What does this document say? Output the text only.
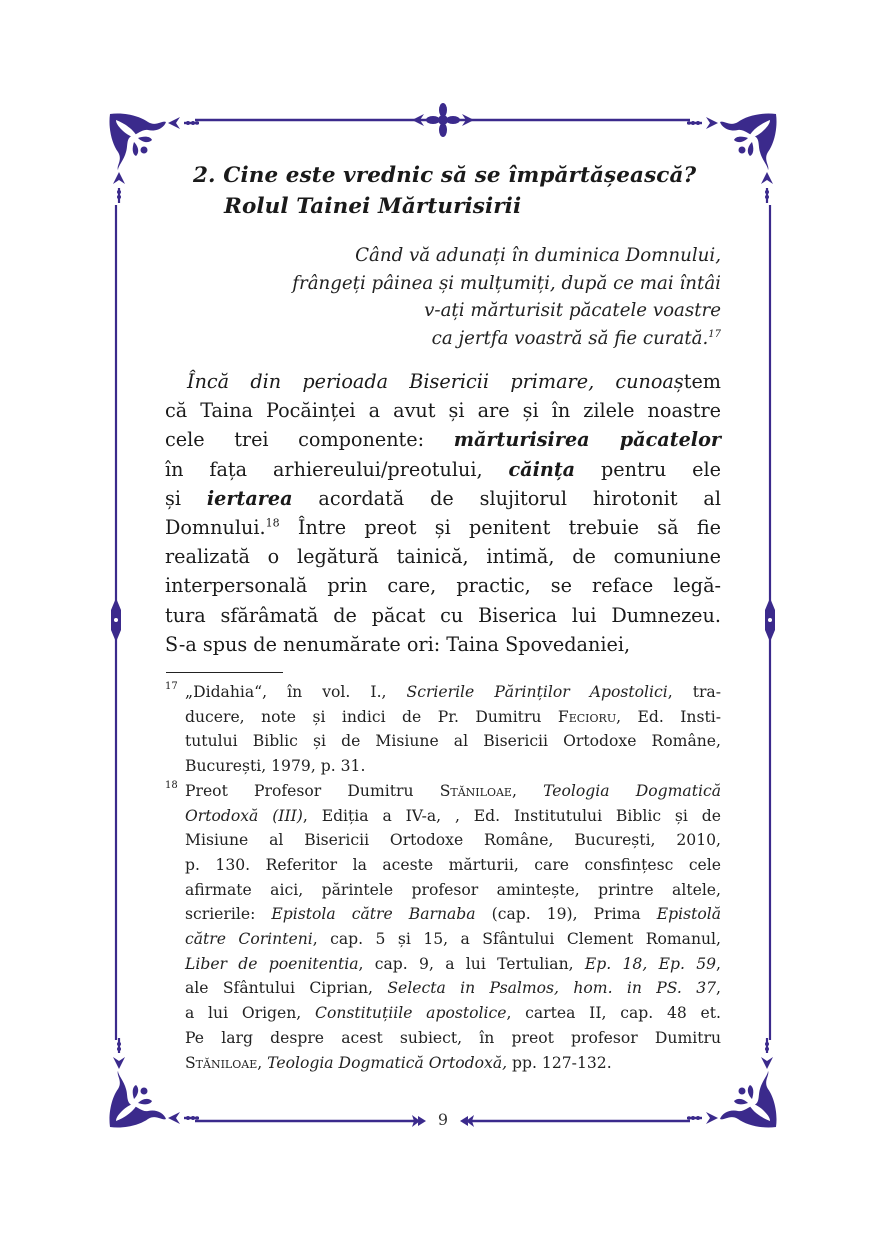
2. Cine este vrednic să se împărtășească?
Rolul Tainei Mărturisirii
Când vă adunați în duminica Domnului,
frângeți pâinea și mulțumiți, după ce mai întâi
v-ați mărturisit păcatele voastre
ca jertfa voastră să fie curată.$^{17}$
Încă din perioada Bisericii primare, cunoaștem
că Taina Pocăinței a avut și are și în zilele noastre
cele trei componente: mărturisirea păcatelor
în fața arhiereului/preotului, căința pentru ele
și iertarea acordată de slujitorul hirotonit al
Domnului.$^{18}$ Între preot și penitent trebuie să fie
realizată o legătură tainică, intimă, de comuniune
interpersonală prin care, practic, se reface legă-
tura sfărâmată de păcat cu Biserica lui Dumnezeu.
S-a spus de nenumărate ori: Taina Spovedaniei,
17 „Didahia“, în vol. I., Scrierile Părinților Apostolici, tra-
ducere, note și indici de Pr. Dumitru Fecioru, Ed. Insti-
tutului Biblic și de Misiune al Bisericii Ortodoxe Române,
București, 1979, p. 31.
18 Preot Profesor Dumitru Stăniloae, Teologia Dogmatică
Ortodoxă (III), Ediția a IV-a, , Ed. Institutului Biblic și de
Misiune al Bisericii Ortodoxe Române, București, 2010,
p. 130. Referitor la aceste mărturii, care consfințesc cele
afirmate aici, părintele profesor amintește, printre altele,
scrierile: Epistola către Barnaba (cap. 19), Prima Epistolă
către Corinteni, cap. 5 și 15, a Sfântului Clement Romanul,
Liber de poenitentia, cap. 9, a lui Tertulian, Ep. 18, Ep. 59,
ale Sfântului Ciprian, Selecta in Psalmos, hom. in PS. 37,
a lui Origen, Constituțiile apostolice, cartea II, cap. 48 et.
Pe larg despre acest subiect, în preot profesor Dumitru
Stăniloae, Teologia Dogmatică Ortodoxă, pp. 127-132.
9
